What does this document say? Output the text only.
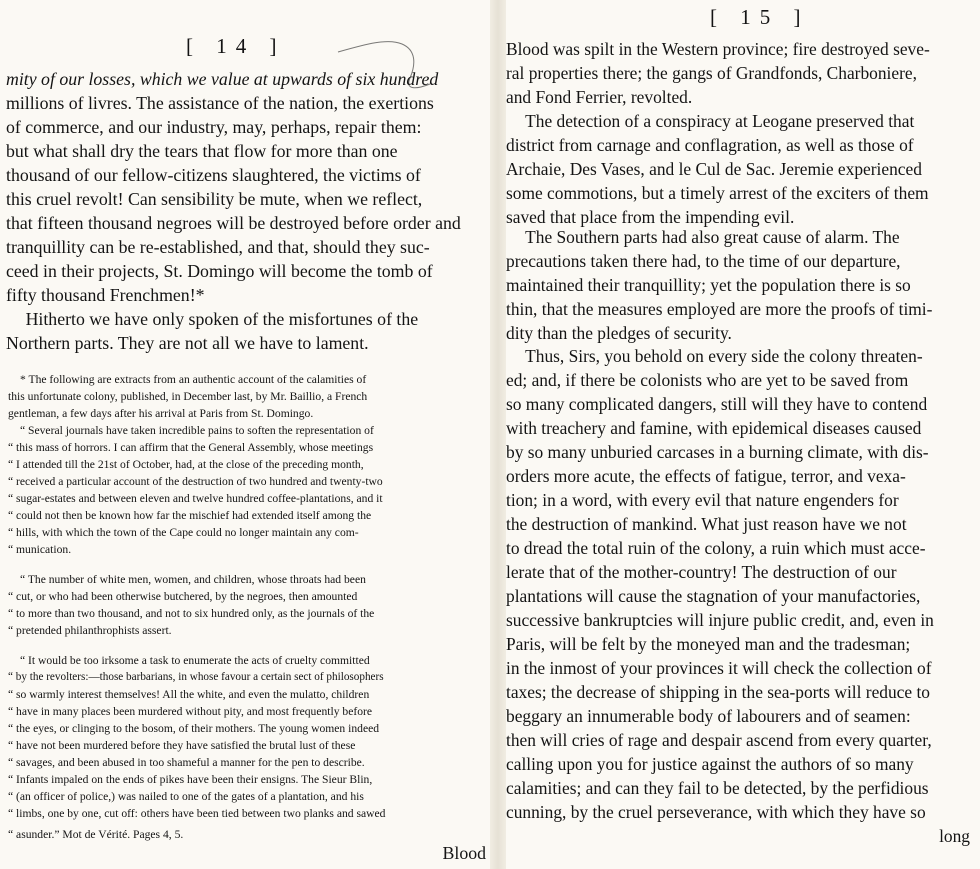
[ 14 ]
mity of our losses, which we value at upwards of six hundred
millions of livres. The assistance of the nation, the exertions
of commerce, and our industry, may, perhaps, repair them:
but what shall dry the tears that flow for more than one
thousand of our fellow-citizens slaughtered, the victims of
this cruel revolt! Can sensibility be mute, when we reflect,
that fifteen thousand negroes will be destroyed before order and
tranquillity can be re-established, and that, should they suc-
ceed in their projects, St. Domingo will become the tomb of
fifty thousand Frenchmen!*
Hitherto we have only spoken of the misfortunes of the
Northern parts. They are not all we have to lament.
* The following are extracts from an authentic account of the calamities of
this unfortunate colony, published, in December last, by Mr. Baillio, a French
gentleman, a few days after his arrival at Paris from St. Domingo.
“ Several journals have taken incredible pains to soften the representation of
“ this mass of horrors. I can affirm that the General Assembly, whose meetings
“ I attended till the 21st of October, had, at the close of the preceding month,
“ received a particular account of the destruction of two hundred and twenty-two
“ sugar-estates and between eleven and twelve hundred coffee-plantations, and it
“ could not then be known how far the mischief had extended itself among the
“ hills, with which the town of the Cape could no longer maintain any com-
“ munication.
“ The number of white men, women, and children, whose throats had been
“ cut, or who had been otherwise butchered, by the negroes, then amounted
“ to more than two thousand, and not to six hundred only, as the journals of the
“ pretended philanthrophists assert.
“ It would be too irksome a task to enumerate the acts of cruelty committed
“ by the revolters:—those barbarians, in whose favour a certain sect of philosophers
“ so warmly interest themselves! All the white, and even the mulatto, children
“ have in many places been murdered without pity, and most frequently before
“ the eyes, or clinging to the bosom, of their mothers. The young women indeed
“ have not been murdered before they have satisfied the brutal lust of these
“ savages, and been abused in too shameful a manner for the pen to describe.
“ Infants impaled on the ends of pikes have been their ensigns. The Sieur Blin,
“ (an officer of police,) was nailed to one of the gates of a plantation, and his
“ limbs, one by one, cut off: others have been tied between two planks and sawed
“ asunder.” Mot de Vérité. Pages 4, 5.
Blood
[ 15 ]
Blood was spilt in the Western province; fire destroyed seve-
ral properties there; the gangs of Grandfonds, Charboniere,
and Fond Ferrier, revolted.
The detection of a conspiracy at Leogane preserved that
district from carnage and conflagration, as well as those of
Archaie, Des Vases, and le Cul de Sac. Jeremie experienced
some commotions, but a timely arrest of the exciters of them
saved that place from the impending evil.
The Southern parts had also great cause of alarm. The
precautions taken there had, to the time of our departure,
maintained their tranquillity; yet the population there is so
thin, that the measures employed are more the proofs of timi-
dity than the pledges of security.
Thus, Sirs, you behold on every side the colony threaten-
ed; and, if there be colonists who are yet to be saved from
so many complicated dangers, still will they have to contend
with treachery and famine, with epidemical diseases caused
by so many unburied carcases in a burning climate, with dis-
orders more acute, the effects of fatigue, terror, and vexa-
tion; in a word, with every evil that nature engenders for
the destruction of mankind. What just reason have we not
to dread the total ruin of the colony, a ruin which must acce-
lerate that of the mother-country! The destruction of our
plantations will cause the stagnation of your manufactories,
successive bankruptcies will injure public credit, and, even in
Paris, will be felt by the moneyed man and the tradesman;
in the inmost of your provinces it will check the collection of
taxes; the decrease of shipping in the sea-ports will reduce to
beggary an innumerable body of labourers and of seamen:
then will cries of rage and despair ascend from every quarter,
calling upon you for justice against the authors of so many
calamities; and can they fail to be detected, by the perfidious
cunning, by the cruel perseverance, with which they have so
long
